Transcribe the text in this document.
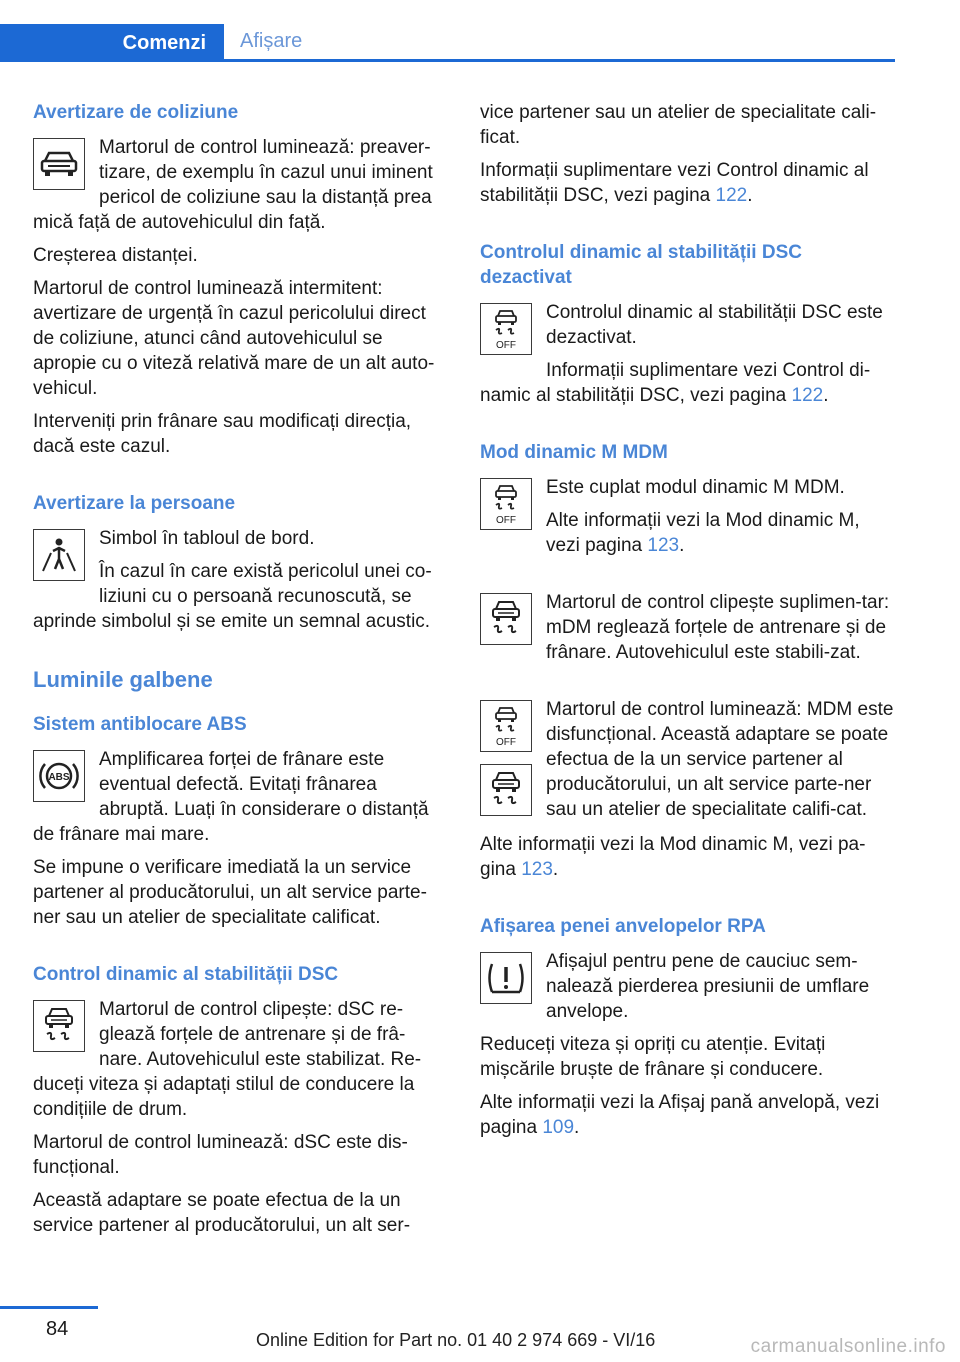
Comenzi	Afișare
Avertizare de coliziune

Martorul de control luminează: preaver‐tizare, de exemplu în cazul unui iminent pericol de coliziune sau la distanță prea mică față de autovehiculul din față.

Creșterea distanței.

Martorul de control luminează intermitent: avertizare de urgență în cazul pericolului direct de coliziune, atunci când autovehiculul se apropie cu o viteză relativă mare de un alt auto‐vehicul.

Interveniți prin frânare sau modificați direcția, dacă este cazul.

Avertizare la persoane

Simbol în tabloul de bord.

În cazul în care există pericolul unei co‐liziuni cu o persoană recunoscută, se aprinde simbolul și se emite un semnal acustic.

Luminile galbene
Sistem antiblocare ABS
ABS

Amplificarea forței de frânare este eventual defectă. Evitați frânarea abruptă. Luați în considerare o distanță de frânare mai mare.

Se impune o verificare imediată la un service partener al producătorului, un alt service parte‐ner sau un atelier de specialitate calificat.

Control dinamic al stabilității DSC

Martorul de control clipește: dSC re‐glează forțele de antrenare și de frâ‐nare. Autovehiculul este stabilizat. Re‐duceți viteza și adaptați stilul de conducere la condițiile de drum.

Martorul de control luminează: dSC este dis‐funcțional.

Această adaptare se poate efectua de la un service partener al producătorului, un alt ser‐

vice partener sau un atelier de specialitate cali‐ficat.

Informații suplimentare vezi Control dinamic al stabilității DSC, vezi pagina 122.

Controlul dinamic al stabilității DSC dezactivat
OFF

Controlul dinamic al stabilității DSC este dezactivat.

Informații suplimentare vezi Control di‐namic al stabilității DSC, vezi pagina 122.

Mod dinamic M MDM
OFF

Este cuplat modul dinamic M MDM.

Alte informații vezi la Mod dinamic M, vezi pagina 123.

Martorul de control clipește suplimen‐tar: mDM reglează forțele de antrenare și de frânare. Autovehiculul este stabili‐zat.

OFF

Martorul de control luminează: MDM este disfuncțional. Această adaptare se poate efectua de la un service partener al producătorului, un alt service parte‐ner sau un atelier de specialitate califi‐cat.

Alte informații vezi la Mod dinamic M, vezi pa‐gina 123.

Afișarea penei anvelopelor RPA

Afișajul pentru pene de cauciuc sem‐nalează pierderea presiunii de umflare anvelope.

Reduceți viteza și opriți cu atenție. Evitați mișcările bruște de frânare și conducere.

Alte informații vezi la Afișaj pană anvelopă, vezi pagina 109.

84	Online Edition for Part no. 01 40 2 974 669 - VI/16	carmanualsonline.info
